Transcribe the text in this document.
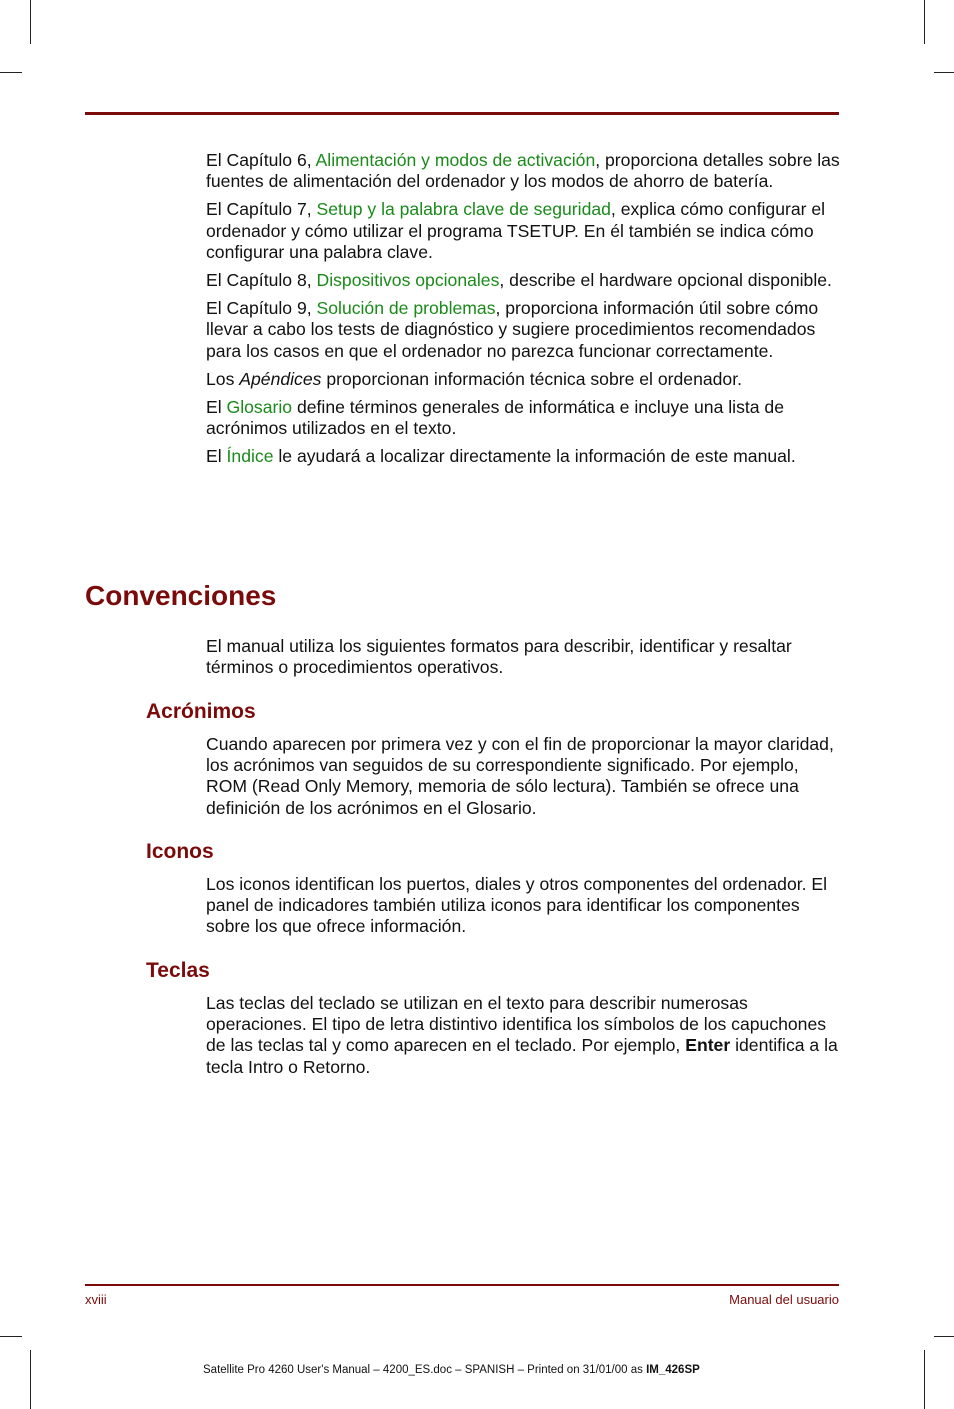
El Capítulo 6, Alimentación y modos de activación, proporciona detalles sobre las fuentes de alimentación del ordenador y los modos de ahorro de batería.

El Capítulo 7, Setup y la palabra clave de seguridad, explica cómo configurar el ordenador y cómo utilizar el programa TSETUP. En él también se indica cómo configurar una palabra clave.

El Capítulo 8, Dispositivos opcionales, describe el hardware opcional disponible.

El Capítulo 9, Solución de problemas, proporciona información útil sobre cómo llevar a cabo los tests de diagnóstico y sugiere procedimientos recomendados para los casos en que el ordenador no parezca funcionar correctamente.

Los Apéndices proporcionan información técnica sobre el ordenador.

El Glosario define términos generales de informática e incluye una lista de acrónimos utilizados en el texto.

El Índice le ayudará a localizar directamente la información de este manual.

Convenciones

El manual utiliza los siguientes formatos para describir, identificar y resaltar términos o procedimientos operativos.

Acrónimos

Cuando aparecen por primera vez y con el fin de proporcionar la mayor claridad, los acrónimos van seguidos de su correspondiente significado. Por ejemplo, ROM (Read Only Memory, memoria de sólo lectura). También se ofrece una definición de los acrónimos en el Glosario.

Iconos

Los iconos identifican los puertos, diales y otros componentes del ordenador. El panel de indicadores también utiliza iconos para identificar los componentes sobre los que ofrece información.

Teclas

Las teclas del teclado se utilizan en el texto para describir numerosas operaciones. El tipo de letra distintivo identifica los símbolos de los capuchones de las teclas tal y como aparecen en el teclado. Por ejemplo, Enter identifica a la tecla Intro o Retorno.

xviii	Manual del usuario
Satellite Pro 4260 User's Manual – 4200_ES.doc – SPANISH – Printed on 31/01/00 as IM_426SP
